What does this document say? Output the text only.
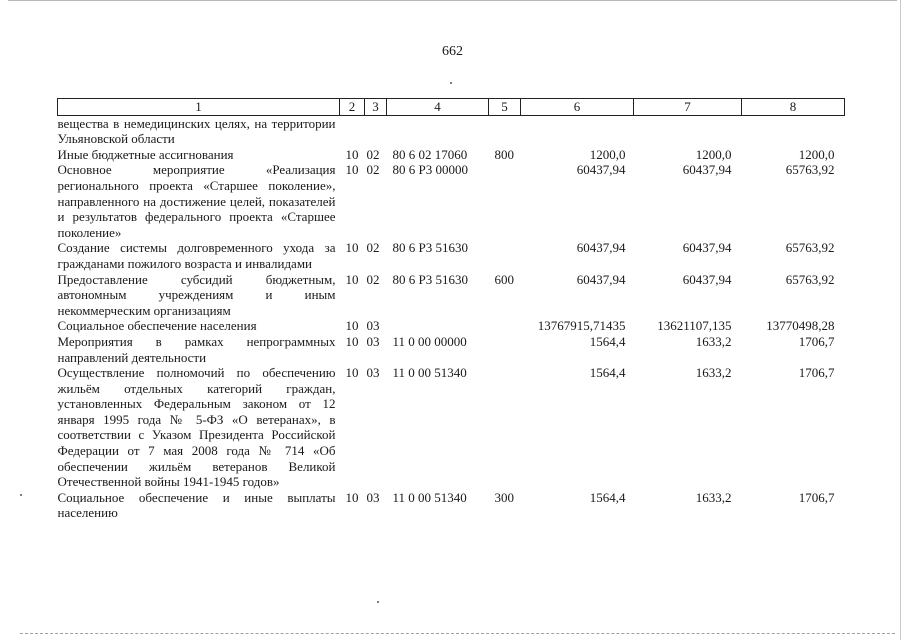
662
1	2	3	4	5	6	7	8
вещества в немедицинских целях, на территории Ульяновской области							
Иные бюджетные ассигнования	10	02	80 6 02 17060	800	1200,0	1200,0	1200,0
Основное мероприятие «Реализация регионального проекта «Старшее поколение», направленного на достижение целей, показателей и результатов федерального проекта «Старшее поколение»	10	02	80 6 P3 00000		60437,94	60437,94	65763,92
Создание системы долговременного ухода за гражданами пожилого возраста и инвалидами	10	02	80 6 P3 51630		60437,94	60437,94	65763,92
Предоставление субсидий бюджетным, автономным учреждениям и иным некоммерческим организациям	10	02	80 6 P3 51630	600	60437,94	60437,94	65763,92
Социальное обеспечение населения	10	03			13767915,71435	13621107,135	13770498,28
Мероприятия в рамках непрограммных направлений деятельности	10	03	11 0 00 00000		1564,4	1633,2	1706,7
Осуществление полномочий по обеспечению жильём отдельных категорий граждан, установленных Федеральным законом от 12 января 1995 года № 5-ФЗ «О ветеранах», в соответствии с Указом Президента Российской Федерации от 7 мая 2008 года № 714 «Об обеспечении жильём ветеранов Великой Отечественной войны 1941-1945 годов»	10	03	11 0 00 51340		1564,4	1633,2	1706,7
Социальное обеспечение и иные выплаты населению	10	03	11 0 00 51340	300	1564,4	1633,2	1706,7
